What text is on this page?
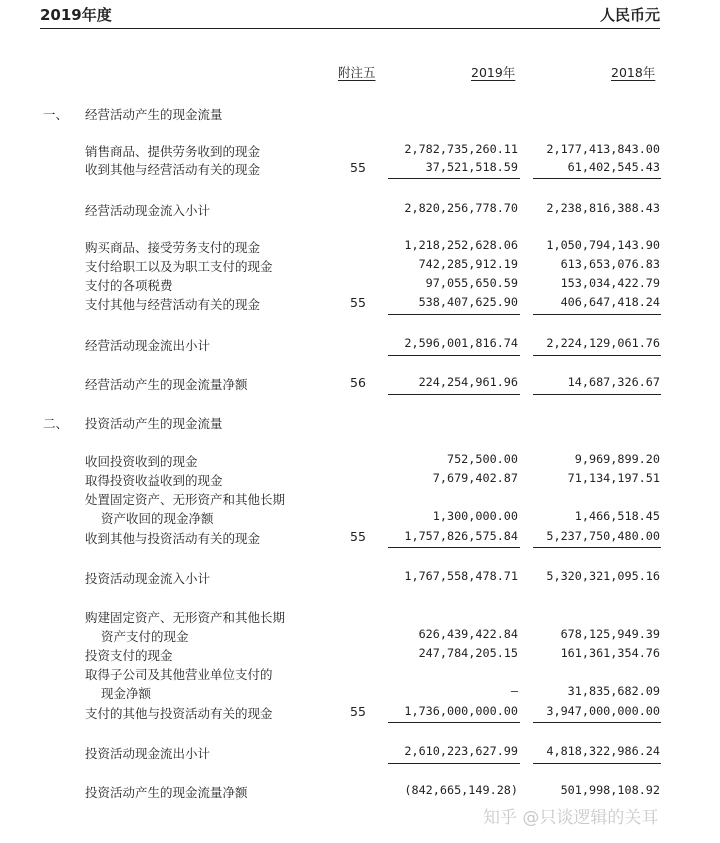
2019年度	人民币元
附注五	2019年	2018年
一、 经营活动产生的现金流量
销售商品、提供劳务收到的现金	2,782,735,260.11 2,177,413,843.00
收到其他与经营活动有关的现金	55	37,521,518.59	61,402,545.43
经营活动现金流入小计	2,820,256,778.70 2,238,816,388.43
购买商品、接受劳务支付的现金	1,218,252,628.06 1,050,794,143.90
支付给职工以及为职工支付的现金	742,285,912.19	613,653,076.83
支付的各项税费	97,055,650.59	153,034,422.79
支付其他与经营活动有关的现金	55	538,407,625.90	406,647,418.24
经营活动现金流出小计	2,596,001,816.74 2,224,129,061.76
经营活动产生的现金流量净额	56	224,254,961.96	14,687,326.67
二、 投资活动产生的现金流量
收回投资收到的现金	752,500.00	9,969,899.20
取得投资收益收到的现金	7,679,402.87	71,134,197.51
处置固定资产、无形资产和其他长期
资产收回的现金净额	1,300,000.00	1,466,518.45
收到其他与投资活动有关的现金	55	1,757,826,575.84 5,237,750,480.00
投资活动现金流入小计	1,767,558,478.71 5,320,321,095.16
购建固定资产、无形资产和其他长期
资产支付的现金	626,439,422.84	678,125,949.39
投资支付的现金	247,784,205.15	161,361,354.76
取得子公司及其他营业单位支付的
现金净额	–	31,835,682.09
支付的其他与投资活动有关的现金	55	1,736,000,000.00 3,947,000,000.00
投资活动现金流出小计	2,610,223,627.99 4,818,322,986.24
投资活动产生的现金流量净额	(842,665,149.28)	501,998,108.92
知乎 @只谈逻辑的关耳
